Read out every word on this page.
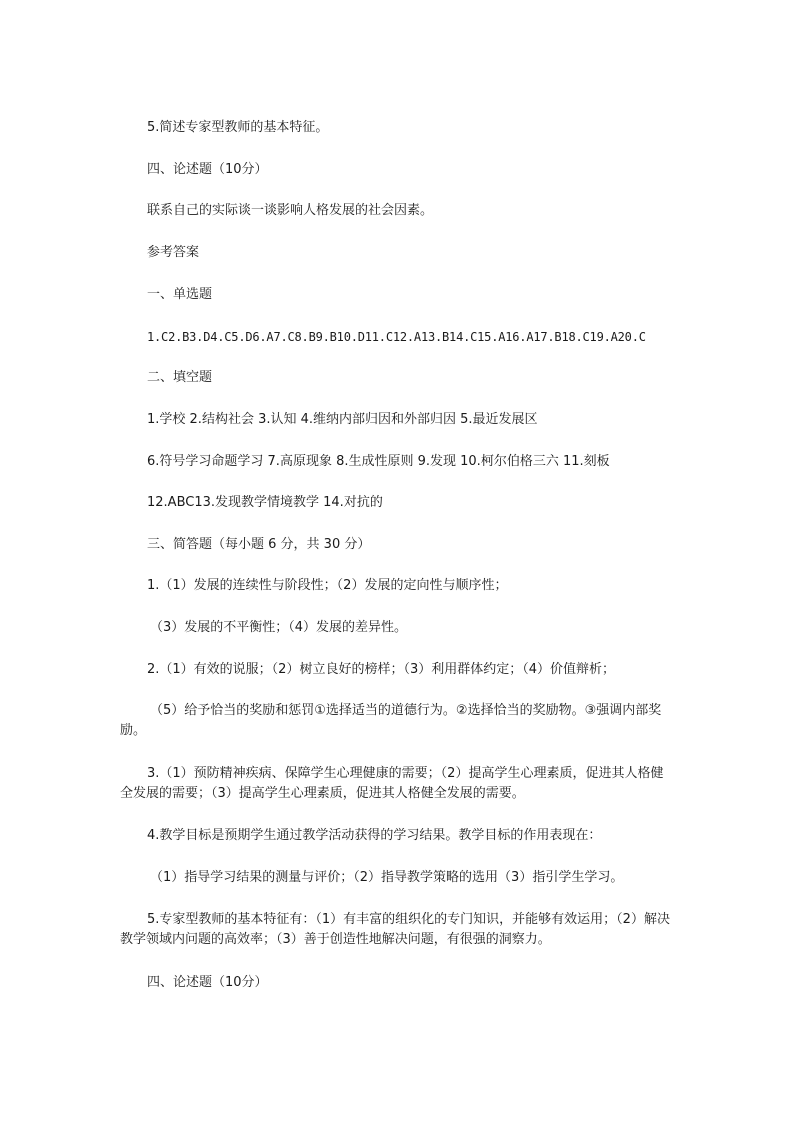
5.简述专家型教师的基本特征。
四、论述题（10分）
联系自己的实际谈一谈影响人格发展的社会因素。
参考答案
一、单选题
1.C2.B3.D4.C5.D6.A7.C8.B9.B10.D11.C12.A13.B14.C15.A16.A17.B18.C19.A20.C
二、填空题
1.学校 2.结构社会 3.认知 4.维纳内部归因和外部归因 5.最近发展区
6.符号学习命题学习 7.高原现象 8.生成性原则 9.发现 10.柯尔伯格三六 11.刻板
12.ABC13.发现教学情境教学 14.对抗的
三、简答题（每小题 6 分，共 30 分）
1.（1）发展的连续性与阶段性；（2）发展的定向性与顺序性；
（3）发展的不平衡性；（4）发展的差异性。
2.（1）有效的说服；（2）树立良好的榜样；（3）利用群体约定；（4）价值辩析；
（5）给予恰当的奖励和惩罚①选择适当的道德行为。②选择恰当的奖励物。③强调内部奖励。
3.（1）预防精神疾病、保障学生心理健康的需要；（2）提高学生心理素质，促进其人格健全发展的需要；（3）提高学生心理素质，促进其人格健全发展的需要。
4.教学目标是预期学生通过教学活动获得的学习结果。教学目标的作用表现在：
（1）指导学习结果的测量与评价；（2）指导教学策略的选用（3）指引学生学习。
5.专家型教师的基本特征有：（1）有丰富的组织化的专门知识，并能够有效运用；（2）解决教学领域内问题的高效率；（3）善于创造性地解决问题，有很强的洞察力。
四、论述题（10分）
